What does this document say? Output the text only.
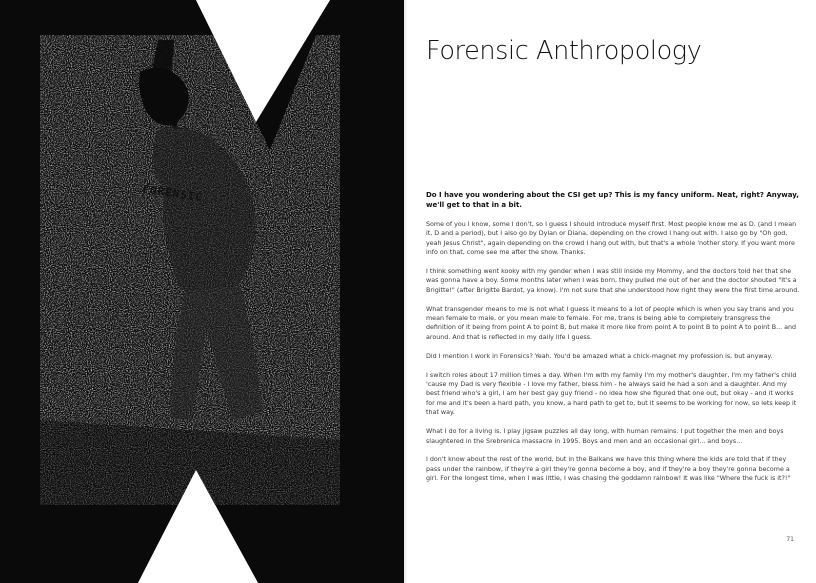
FORENSIC
Forensic Anthropology

Do I have you wondering about the CSI get up? This is my fancy uniform. Neat, right? Anyway, we'll get to that in a bit.

Some of you I know, some I don't, so I guess I should introduce myself first. Most people know me as D. (and I mean it, D and a period), but I also go by Dylan or Diana, depending on the crowd I hang out with. I also go by "Oh god, yeah Jesus Christ", again depending on the crowd I hang out with, but that's a whole 'nother story. If you want more info on that, come see me after the show. Thanks.

I think something went kooky with my gender when I was still inside my Mommy, and the doctors told her that she was gonna have a boy. Some months later when I was born, they pulled me out of her and the doctor shouted "It's a Brigitte!" (after Brigitte Bardot, ya know). I'm not sure that she understood how right they were the first time around.

What transgender means to me is not what I guess it means to a lot of people which is when you say trans and you mean female to male, or you mean male to female. For me, trans is being able to completely transgress the definition of it being from point A to point B, but make it more like from point A to point B to point A to point B... and around. And that is reflected in my daily life I guess.

Did I mention I work in Forensics? Yeah. You'd be amazed what a chick-magnet my profession is, but anyway.

I switch roles about 17 million times a day. When I'm with my family I'm my mother's daughter, I'm my father's child 'cause my Dad is very flexible - I love my father, bless him - he always said he had a son and a daughter. And my best friend who's a girl, I am her best gay guy friend - no idea how she figured that one out, but okay - and it works for me and it's been a hard path, you know, a hard path to get to, but it seems to be working for now, so lets keep it that way.

What I do for a living is, I play jigsaw puzzles all day long, with human remains. I put together the men and boys slaughtered in the Srebrenica massacre in 1995. Boys and men and an occasional girl... and boys...

I don't know about the rest of the world, but in the Balkans we have this thing where the kids are told that if they pass under the rainbow, if they're a girl they're gonna become a boy, and if they're a boy they're gonna become a girl. For the longest time, when I was little, I was chasing the goddamn rainbow! It was like "Where the fuck is it?!"

71
